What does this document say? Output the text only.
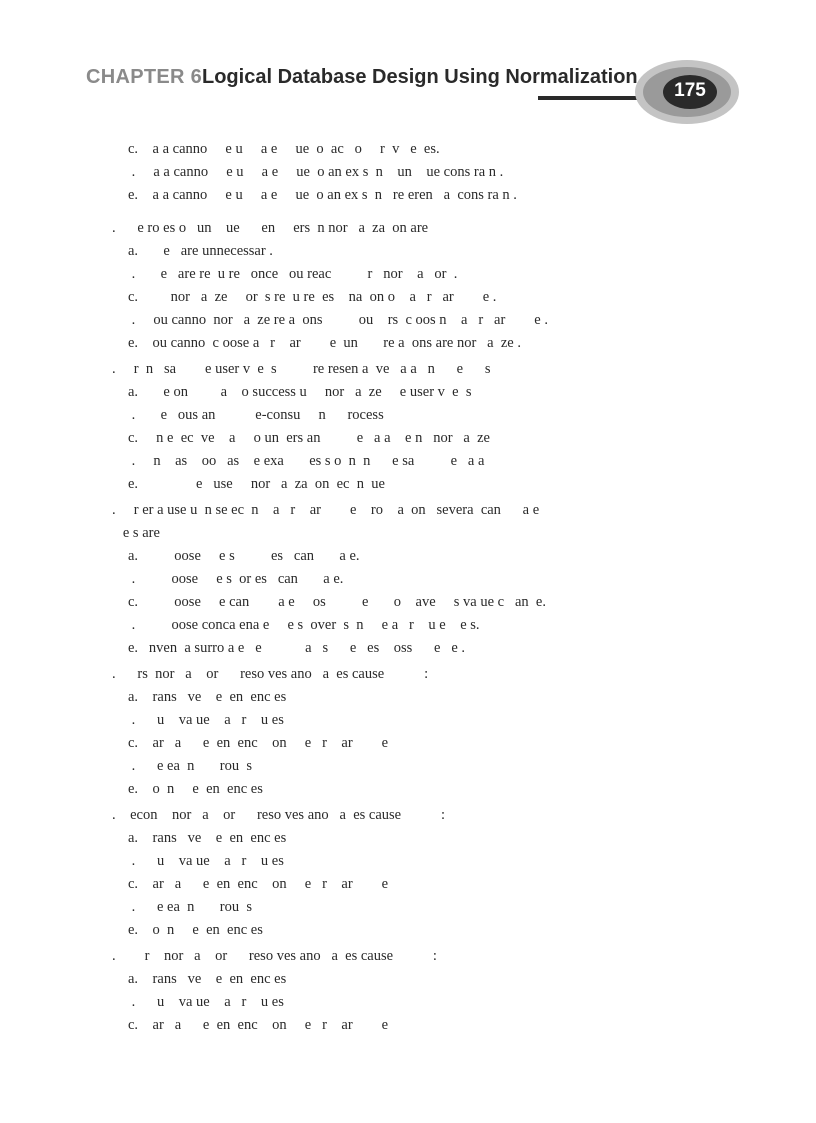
CHAPTER 6 Logical Database Design Using Normalization
175
c.    a a canno     e u     a e     ue  o  ac   o     r  v   e  es.
.     a a canno     e u     a e     ue  o an ex s  n    un    ue cons ra n .
e.    a a canno     e u     a e     ue  o an ex s  n   re eren   a  cons ra n .
.      e ro es o   un    ue      en     ers  n nor   a  za  on are
a.       e   are unnecessar .
.       e   are re  u re   once   ou reac          r   nor    a   or  .
c.         nor   a  ze     or  s re  u re  es    na  on o    a   r   ar        e .
.     ou canno  nor   a  ze re a  ons          ou    rs  c oos n    a   r   ar        e .
e.    ou canno  c oose a   r    ar        e  un       re a  ons are nor   a  ze .
.     r  n   sa        e user v  e  s          re resen a  ve   a a   n      e      s
a.       e on         a    o success u     nor   a  ze     e user v  e  s
.       e   ous an           e-consu     n      rocess
c.     n e  ec  ve    a     o un  ers an          e   a a    e n   nor   a  ze
.     n    as    oo   as    e exa       es s o  n  n      e sa          e   a a
e.                e   use     nor   a  za  on  ec  n  ue
.     r er a use u  n se ec  n    a   r    ar        e    ro    a  on   severa  can      a e
e s are
a.          oose     e s          es   can       a e.
.          oose     e s  or es   can       a e.
c.          oose     e can        a e     os          e       o    ave     s va ue c   an  e.
.          oose conca ena e     e s  over  s  n     e a   r    u e    e s.
e.   nven  a surro a e   e            a   s      e   es    oss      e   e .
.      rs  nor   a    or      reso ves ano   a  es cause           :
a.    rans   ve    e  en  enc es
.      u    va ue    a   r    u es
c.    ar   a      e  en  enc    on     e   r    ar        e
.      e ea  n       rou  s
e.    o  n     e  en  enc es
.    econ    nor   a    or      reso ves ano   a  es cause           :
a.    rans   ve    e  en  enc es
.      u    va ue    a   r    u es
c.    ar   a      e  en  enc    on     e   r    ar        e
.      e ea  n       rou  s
e.    o  n     e  en  enc es
.        r    nor   a    or      reso ves ano   a  es cause           :
a.    rans   ve    e  en  enc es
.      u    va ue    a   r    u es
c.    ar   a      e  en  enc    on     e   r    ar        e
